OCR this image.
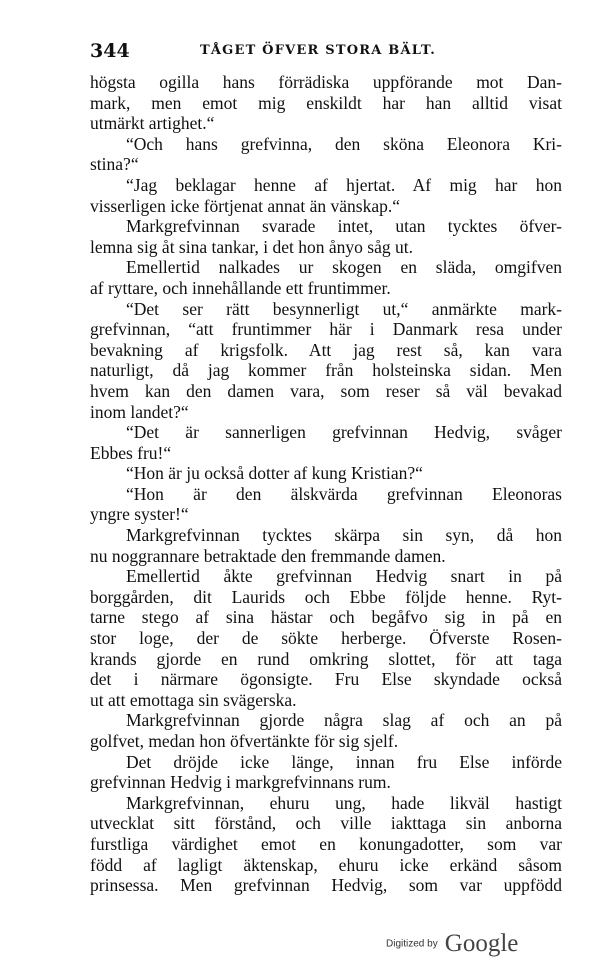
344	TÅGET ÖFVER STORA BÄLT.
högsta ogilla hans förrädiska uppförande mot Dan-
mark, men emot mig enskildt har han alltid visat
utmärkt artighet.“
“Och hans grefvinna, den sköna Eleonora Kri-
stina?“
“Jag beklagar henne af hjertat. Af mig har hon
visserligen icke förtjenat annat än vänskap.“
Markgrefvinnan svarade intet, utan tycktes öfver-
lemna sig åt sina tankar, i det hon ånyo såg ut.
Emellertid nalkades ur skogen en släda, omgifven
af ryttare, och innehållande ett fruntimmer.
“Det ser rätt besynnerligt ut,“ anmärkte mark-
grefvinnan, “att fruntimmer här i Danmark resa under
bevakning af krigsfolk. Att jag rest så, kan vara
naturligt, då jag kommer från holsteinska sidan. Men
hvem kan den damen vara, som reser så väl bevakad
inom landet?“
“Det är sannerligen grefvinnan Hedvig, svåger
Ebbes fru!“
“Hon är ju också dotter af kung Kristian?“
“Hon är den älskvärda grefvinnan Eleonoras
yngre syster!“
Markgrefvinnan tycktes skärpa sin syn, då hon
nu noggrannare betraktade den fremmande damen.
Emellertid åkte grefvinnan Hedvig snart in på
borggården, dit Laurids och Ebbe följde henne. Ryt-
tarne stego af sina hästar och begåfvo sig in på en
stor loge, der de sökte herberge. Öfverste Rosen-
krands gjorde en rund omkring slottet, för att taga
det i närmare ögonsigte. Fru Else skyndade också
ut att emottaga sin svägerska.
Markgrefvinnan gjorde några slag af och an på
golfvet, medan hon öfvertänkte för sig sjelf.
Det dröjde icke länge, innan fru Else införde
grefvinnan Hedvig i markgrefvinnans rum.
Markgrefvinnan, ehuru ung, hade likväl hastigt
utvecklat sitt förstånd, och ville iakttaga sin anborna
furstliga värdighet emot en konungadotter, som var
född af lagligt äktenskap, ehuru icke erkänd såsom
prinsessa. Men grefvinnan Hedvig, som var uppfödd
Digitized by Google
